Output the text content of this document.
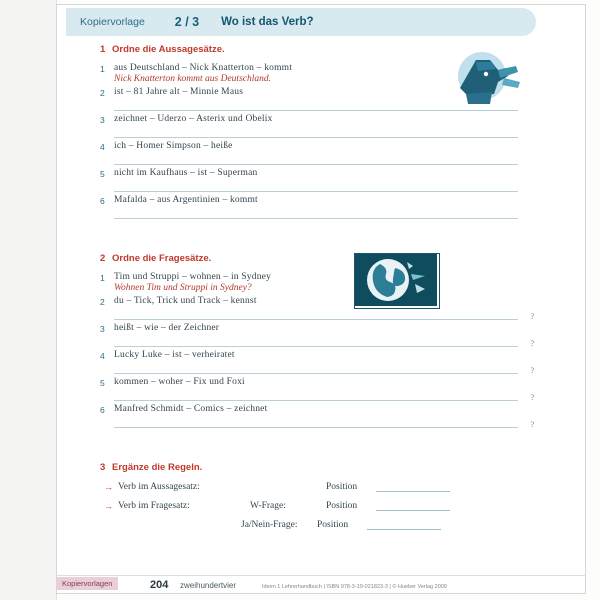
Kopiervorlage 2 / 3 Wo ist das Verb?
1 Ordne die Aussagesätze.
1 aus Deutschland – Nick Knatterton – kommt
Nick Knatterton kommt aus Deutschland.
2 ist – 81 Jahre alt – Minnie Maus
3 zeichnet – Uderzo – Asterix und Obelix
4 ich – Homer Simpson – heiße
5 nicht im Kaufhaus – ist – Superman
6 Mafalda – aus Argentinien – kommt
2 Ordne die Fragesätze.
1 Tim und Struppi – wohnen – in Sydney
Wohnen Tim und Struppi in Sydney?
2 du – Tick, Trick und Track – kennst
?
3 heißt – wie – der Zeichner
?
4 Lucky Luke – ist – verheiratet
?
5 kommen – woher – Fix und Foxi
?
6 Manfred Schmidt – Comics – zeichnet
?
3 Ergänze die Regeln.
→ Verb im Aussagesatz:	Position
→ Verb im Fragesatz:	W-Frage:	Position
Ja/Nein-Frage:	Position
Kopiervorlagen	204 zweihundertvier	Ideen 1 Lehrerhandbuch | ISBN 978-3-19-021823-3 | © Hueber Verlag 2009
